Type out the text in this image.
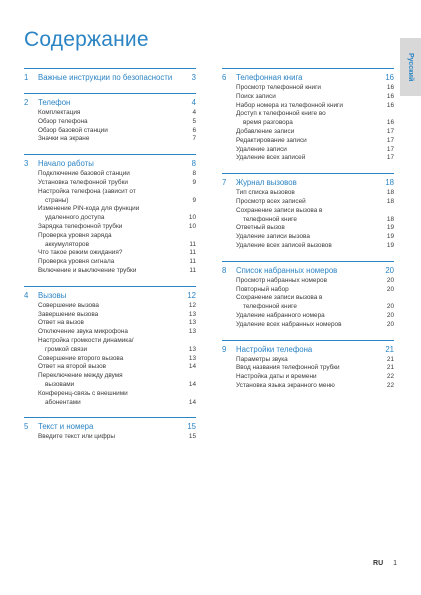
Содержание
Русский
1	Важные инструкции по безопасности	3
2	Телефон	4
Комплектация	4
Обзор телефона	5
Обзор базовой станции	6
Значки на экране	7
3	Начало работы	8
Подключение базовой станции	8
Установка телефонной трубки	9
Настройка телефона (зависит от
страны)	9
Изменение PIN-кода для функции
удаленного доступа	10
Зарядка телефонной трубки	10
Проверка уровня заряда
аккумуляторов	11
Что такое режим ожидания?	11
Проверка уровня сигнала	11
Включение и выключение трубки	11
4	Вызовы	12
Совершение вызова	12
Завершение вызова	13
Ответ на вызов	13
Отключение звука микрофона	13
Настройка громкости динамика/
громкой связи	13
Совершение второго вызова	13
Ответ на второй вызов	14
Переключение между двумя
вызовами	14
Конференц-связь с внешними
абонентами	14
5	Текст и номера	15
Введите текст или цифры	15
6	Телефонная книга	16
Просмотр телефонной книги	16
Поиск записи	16
Набор номера из телефонной книги	16
Доступ к телефонной книге во
время разговора	16
Добавление записи	17
Редактирование записи	17
Удаление записи	17
Удаление всех записей	17
7	Журнал вызовов	18
Тип списка вызовов	18
Просмотр всех записей	18
Сохранение записи вызова в
телефонной книге	18
Ответный вызов	19
Удаление записи вызова	19
Удаление всех записей вызовов	19
8	Список набранных номеров	20
Просмотр набранных номеров	20
Повторный набор	20
Сохранение записи вызова в
телефонной книге	20
Удаление набранного номера	20
Удаление всех набранных номеров	20
9	Настройки телефона	21
Параметры звука	21
Ввод названия телефонной трубки	21
Настройка даты и времени	22
Установка языка экранного меню	22
RU 1
